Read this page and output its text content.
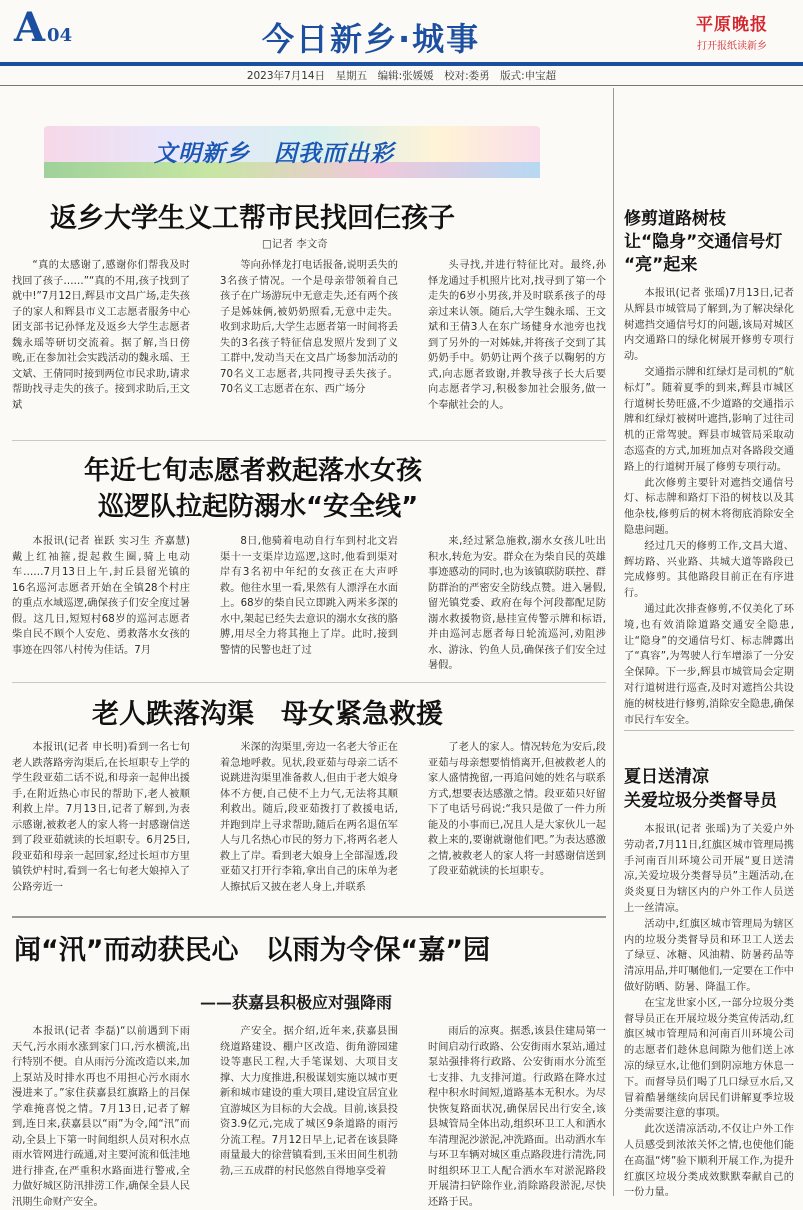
A 04	今日新乡·城事	平原晚报
打开报纸读新乡
2023年7月14日　星期五　编辑:张媛媛　校对:娄勇　版式:申宝超
文明新乡　因我而出彩
返乡大学生义工帮市民找回仨孩子
□记者 李文奇

“真的太感谢了,感谢你们帮我及时找回了孩子……”“真的不用,孩子找到了就中!”7月12日,辉县市文昌广场,走失孩子的家人和辉县市义工志愿者服务中心团支部书记孙怿龙及返乡大学生志愿者魏永瑶等研切交流着。据了解,当日傍晚,正在参加社会实践活动的魏永瑶、王文斌、王倩同时接到两位市民求助,请求帮助找寻走失的孩子。接到求助后,王文斌

等向孙怿龙打电话报备,说明丢失的3名孩子情况。一个是母亲带领着自己孩子在广场游玩中无意走失,还有两个孩子是姊妹俩,被奶奶照看,无意中走失。收到求助后,大学生志愿者第一时间将丢失的3名孩子特征信息发照片发到了义工群中,发动当天在文昌广场参加活动的70名义工志愿者,共同搜寻丢失孩子。70名义工志愿者在东、西广场分

头寻找,并进行特征比对。最终,孙怿龙通过手机照片比对,找寻到了第一个走失的6岁小男孩,并及时联系孩子的母亲过来认领。随后,大学生魏永瑶、王文斌和王倩3人在东广场健身水池旁也找到了另外的一对姊妹,并将孩子交到了其奶奶手中。奶奶让两个孩子以鞠躬的方式,向志愿者致谢,并教导孩子长大后要向志愿者学习,积极参加社会服务,做一个奉献社会的人。

年近七旬志愿者救起落水女孩
巡逻队拉起防溺水“安全线”

本报讯(记者 崔跃 实习生 齐嘉慧)戴上红袖箍,提起救生圈,骑上电动车……7月13日上午,封丘县留光镇的16名巡河志愿者开始在全镇28个村庄的重点水域巡逻,确保孩子们安全度过暑假。这几日,短短村68岁的巡河志愿者柴自民不顾个人安危、勇救落水女孩的事迹在四邻八村传为佳话。7月

8日,他骑着电动自行车到村北文岩渠十一支渠岸边巡逻,这时,他看到渠对岸有3名初中年纪的女孩正在大声呼救。他往水里一看,果然有人漂浮在水面上。68岁的柴自民立即跳入两米多深的水中,架起已经失去意识的溺水女孩的胳膊,用尽全力将其拖上了岸。此时,接到警情的民警也赶了过

来,经过紧急施救,溺水女孩儿吐出积水,转危为安。群众在为柴自民的英雄事迹感动的同时,也为该镇联防联控、群防群治的严密安全防线点赞。进入暑假,留光镇党委、政府在每个河段都配足防溺水救援物资,悬挂宣传警示牌和标语,并由巡河志愿者每日轮流巡河,劝阻涉水、游泳、钓鱼人员,确保孩子们安全过暑假。

老人跌落沟渠　母女紧急救援

本报讯(记者 申长明)看到一名七旬老人跌落路旁沟渠后,在长垣职专上学的学生段亚茹二话不说,和母亲一起伸出援手,在附近热心市民的帮助下,老人被顺利救上岸。7月13日,记者了解到,为表示感谢,被救老人的家人将一封感谢信送到了段亚茹就读的长垣职专。6月25日,段亚茹和母亲一起回家,经过长垣市方里镇铁炉村时,看到一名七旬老大娘掉入了公路旁近一

米深的沟渠里,旁边一名老大爷正在着急地呼救。见状,段亚茹与母亲二话不说跳进沟渠里准备救人,但由于老大娘身体不方便,自己使不上力气,无法将其顺利救出。随后,段亚茹拨打了救援电话,并跑到岸上寻求帮助,随后在两名退伍军人与几名热心市民的努力下,将两名老人救上了岸。看到老大娘身上全部湿透,段亚茹又打开行李箱,拿出自己的床单为老人擦拭后又披在老人身上,并联系

了老人的家人。情况转危为安后,段亚茹与母亲想要悄悄离开,但被救老人的家人盛情挽留,一再追问她的姓名与联系方式,想要表达感激之情。段亚茹只好留下了电话号码说:“我只是做了一件力所能及的小事而已,况且人是大家伙儿一起救上来的,要谢就谢他们吧。”为表达感激之情,被救老人的家人将一封感谢信送到了段亚茹就读的长垣职专。

闻“汛”而动获民心　以雨为令保“嘉”园
——获嘉县积极应对强降雨

本报讯(记者 李磊)“以前遇到下雨天气,污水雨水涨到家门口,污水横流,出行特别不便。自从雨污分流改造以来,加上泵站及时排水再也不用担心污水雨水漫进来了。”家住获嘉县红旗路上的吕保学难掩喜悦之情。7月13日,记者了解到,连日来,获嘉县以“雨”为令,闻“汛”而动,全县上下第一时间组织人员对积水点雨水管网进行疏通,对主要河流和低洼地进行排查,在严重积水路面进行警戒,全力做好城区防汛排涝工作,确保全县人民汛期生命财产安全。

产安全。据介绍,近年来,获嘉县围绕道路建设、棚户区改造、街角游园建设等惠民工程,大手笔谋划、大项目支撑、大力度推进,积极谋划实施以城市更新和城市建设的重大项目,建设宜居宜业宜游城区为目标的大会战。目前,该县投资3.9亿元,完成了城区9条道路的雨污分流工程。7月12日早上,记者在该县降雨量最大的徐营镇看到,玉米田间生机勃勃,三五成群的村民悠然自得地享受着

雨后的凉爽。据悉,该县住建局第一时间启动行政路、公安街雨水泵站,通过泵站强排将行政路、公安街雨水分流至七支排、九支排河道。行政路在降水过程中积水时间短,道路基本无积水。为尽快恢复路面状况,确保居民出行安全,该县城管局全体出动,组织环卫工人和洒水车清理泥沙淤泥,冲洗路面。出动洒水车与环卫车辆对城区重点路段进行清洗,同时组织环卫工人配合洒水车对淤泥路段开展清扫铲除作业,消除路段淤泥,尽快还路于民。

修剪道路树枝
让“隐身”交通信号灯
“亮”起来

本报讯(记者 张瑶)7月13日,记者从辉县市城管局了解到,为了解决绿化树遮挡交通信号灯的问题,该局对城区内交通路口的绿化树展开修剪专项行动。

交通指示牌和红绿灯是司机的“航标灯”。随着夏季的到来,辉县市城区行道树长势旺盛,不少道路的交通指示牌和红绿灯被树叶遮挡,影响了过往司机的正常驾驶。辉县市城管局采取动态巡查的方式,加班加点对各路段交通路上的行道树开展了修剪专项行动。

此次修剪主要针对遮挡交通信号灯、标志牌和路灯下沿的树枝以及其他杂枝,修剪后的树木将彻底消除安全隐患问题。

经过几天的修剪工作,文昌大道、辉坊路、兴业路、共城大道等路段已完成修剪。其他路段目前正在有序进行。

通过此次排查修剪,不仅美化了环境,也有效消除道路交通安全隐患,让“隐身”的交通信号灯、标志牌露出了“真容”,为驾驶人行车增添了一分安全保障。下一步,辉县市城管局会定期对行道树进行巡查,及时对遮挡公共设施的树枝进行修剪,消除安全隐患,确保市民行车安全。

夏日送清凉
关爱垃圾分类督导员

本报讯(记者 张瑶)为了关爱户外劳动者,7月11日,红旗区城市管理局携手河南百川环境公司开展“夏日送清凉,关爱垃圾分类督导员”主题活动,在炎炎夏日为辖区内的户外工作人员送上一丝清凉。

活动中,红旗区城市管理局为辖区内的垃圾分类督导员和环卫工人送去了绿豆、冰糖、风油精、防暑药品等清凉用品,并叮嘱他们,一定要在工作中做好防晒、防暑、降温工作。

在宝龙世家小区,一部分垃圾分类督导员正在开展垃圾分类宣传活动,红旗区城市管理局和河南百川环境公司的志愿者们趁休息间隙为他们送上冰凉的绿豆水,让他们到阴凉地方休息一下。而督导员们喝了几口绿豆水后,又冒着酷暑继续向居民们讲解夏季垃圾分类需要注意的事项。

此次送清凉活动,不仅让户外工作人员感受到浓浓关怀之情,也使他们能在高温“烤”验下顺利开展工作,为提升红旗区垃圾分类成效默默奉献自己的一份力量。
